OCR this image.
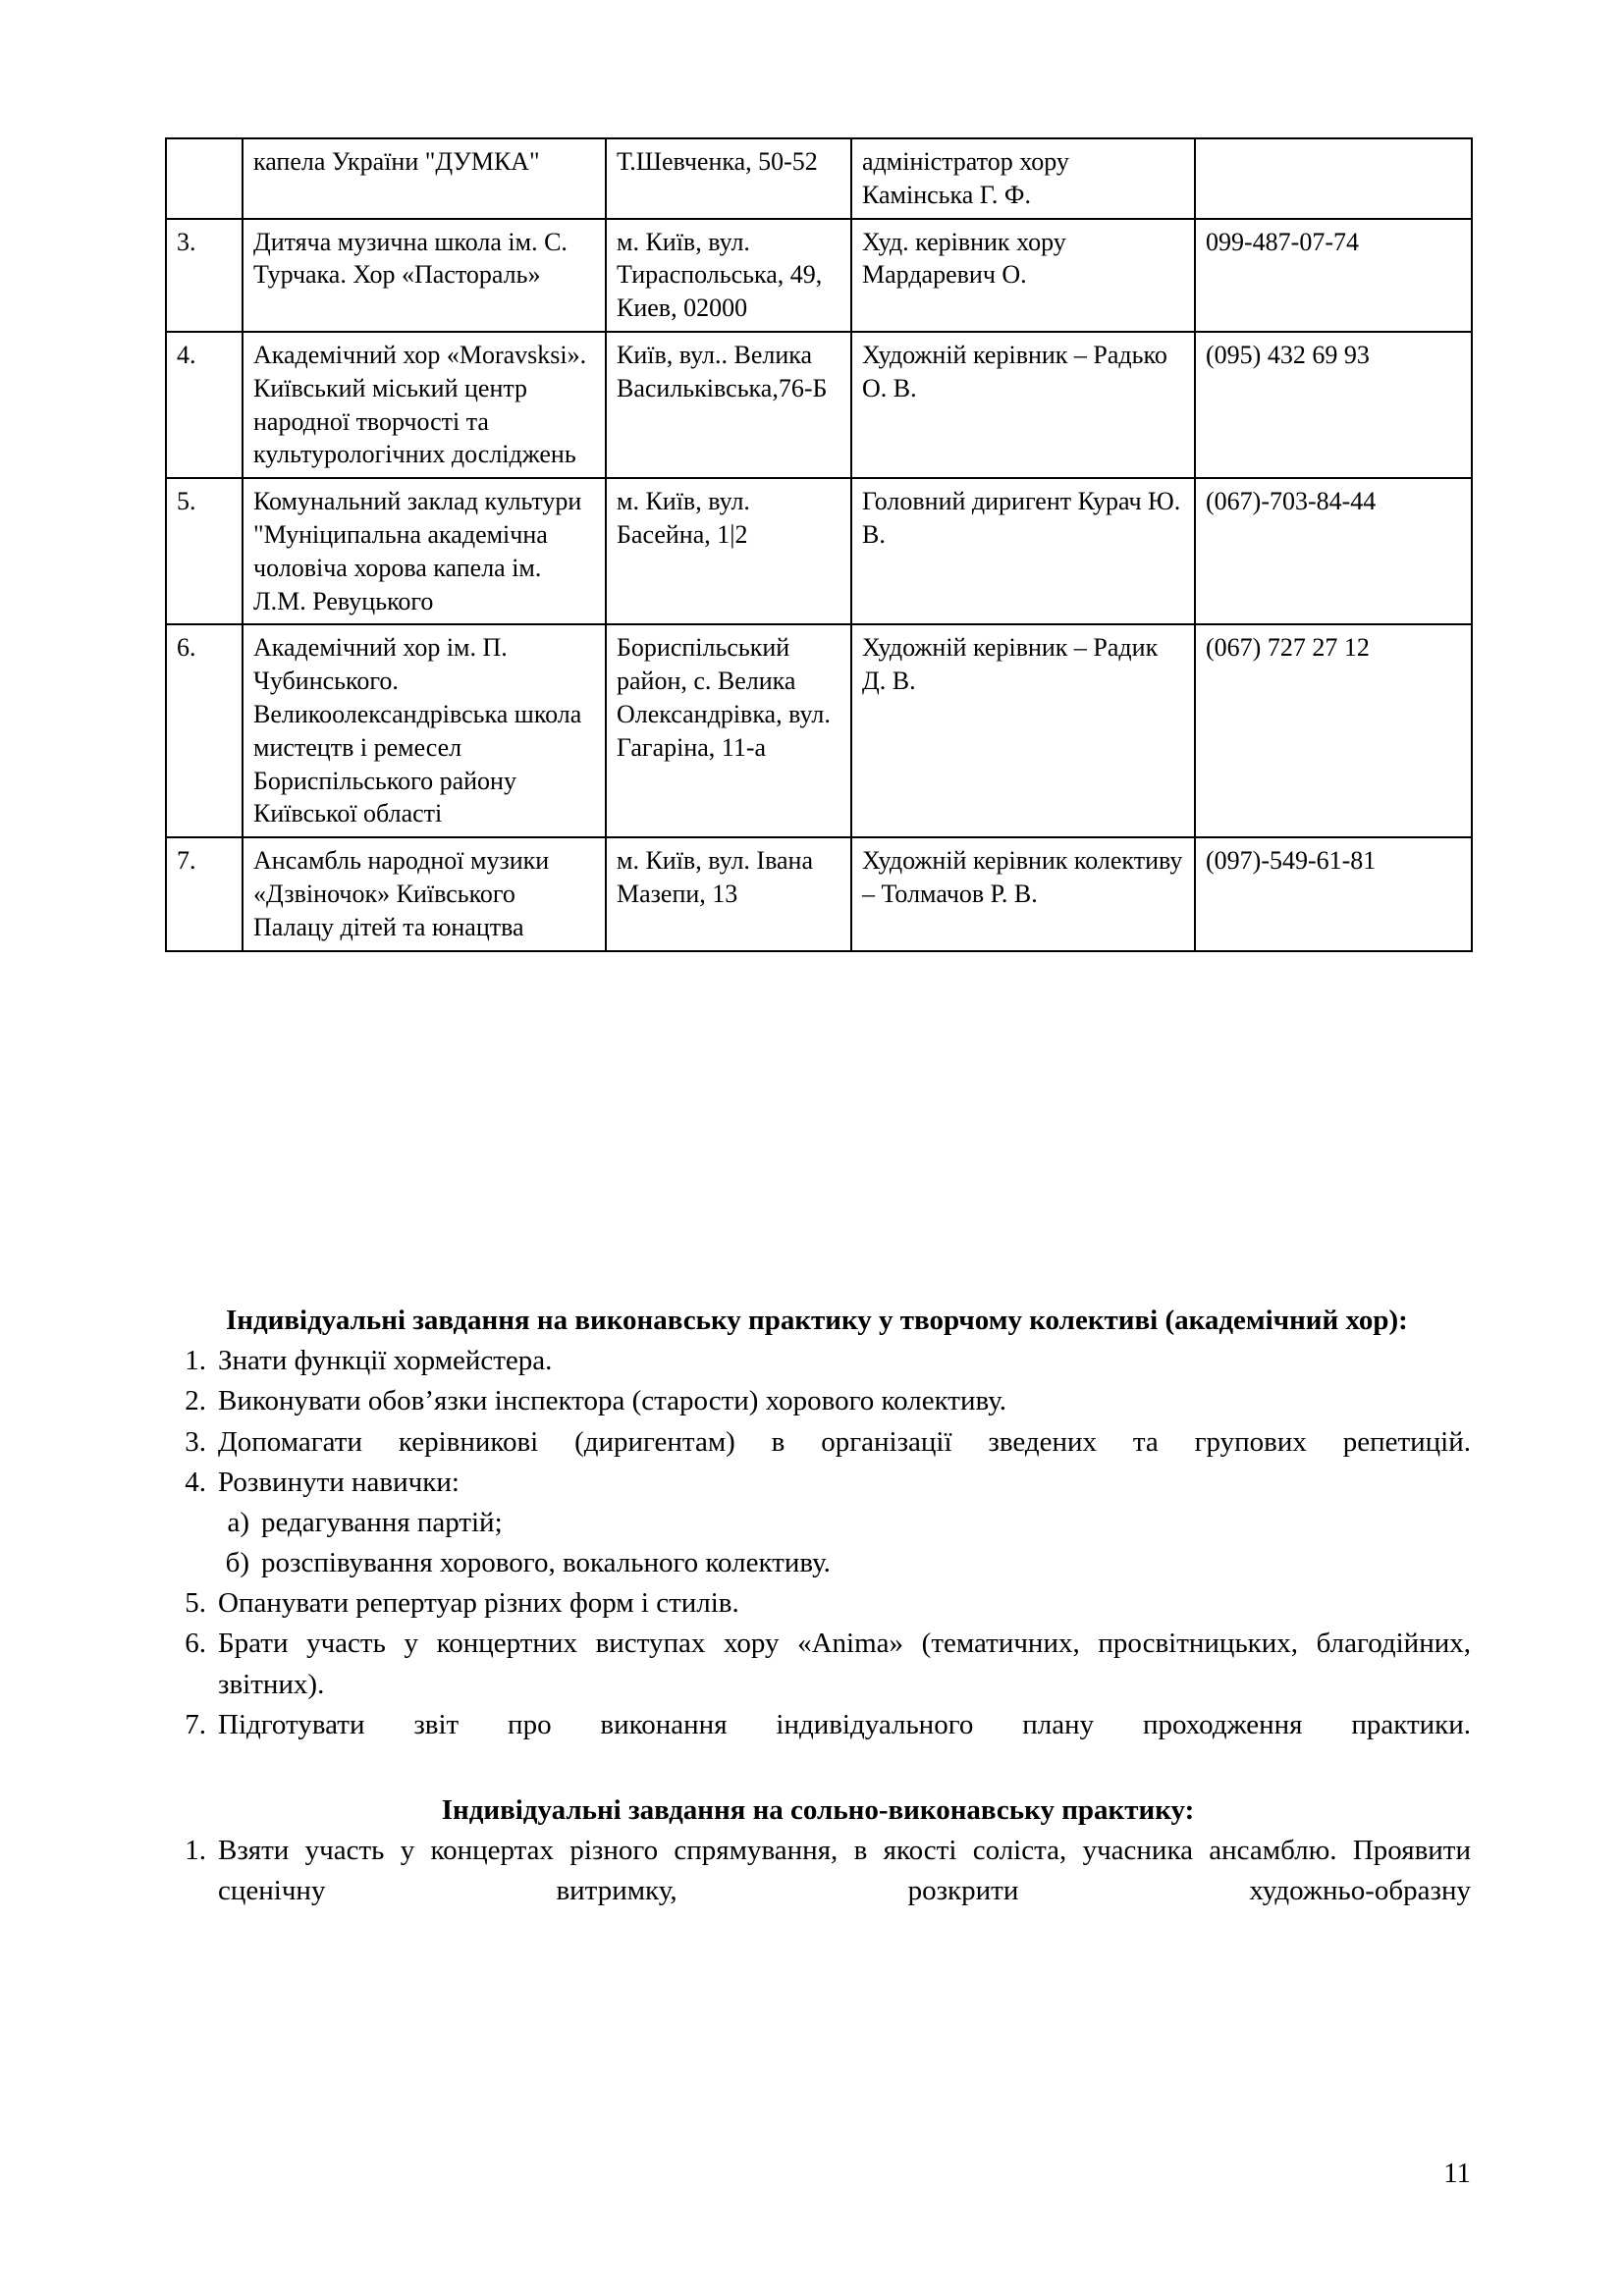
	капела України "ДУМКА"	Т.Шевченка, 50-52	адміністратор хору Камінська Г. Ф.	
3.	Дитяча музична школа ім. С. Турчака. Хор «Пастораль»	м. Київ, вул. Тираспольська, 49, Киев, 02000	Худ. керівник хору Мардаревич О.	099-487-07-74
4.	Академічний хор «Moravsksi». Київський міський центр народної творчості та культурологічних досліджень	Київ, вул.. Велика Васильківська,76-Б	Художній керівник – Радько О. В.	(095) 432 69 93
5.	Комунальний заклад культури "Муніципальна академічна чоловіча хорова капела ім. Л.М. Ревуцького	м. Київ, вул. Басейна, 1|2	Головний диригент Курач Ю. В.	(067)-703-84-44
6.	Академічний хор ім. П. Чубинського. Великоолександрівська школа мистецтв і ремесел Бориспільського району Київської області	Бориспільський район, с. Велика Олександрівка, вул. Гагаріна, 11-а	Художній керівник – Радик Д. В.	(067) 727 27 12
7.	Ансамбль народної музики «Дзвіночок» Київського Палацу дітей та юнацтва	м. Київ, вул. Івана Мазепи, 13	Художній керівник колективу – Толмачов Р. В.	(097)-549-61-81

Індивідуальні завдання на виконавську практику у творчому колективі (академічний хор):

1. Знати функції хормейстера.
2. Виконувати обов’язки інспектора (старости) хорового колективу.
3. Допомагати керівникові (диригентам) в організації зведених та групових репетицій.
4. Розвинути навички:
а) редагування партій;
б) розспівування хорового, вокального колективу.
5. Опанувати репертуар різних форм і стилів.
6. Брати участь у концертних виступах хору «Anima» (тематичних, просвітницьких, благодійних, звітних).
7. Підготувати звіт про виконання індивідуального плану проходження практики.

Індивідуальні завдання на сольно-виконавську практику:

1. Взяти участь у концертах різного спрямування, в якості соліста, учасника ансамблю. Проявити сценічну витримку, розкрити художньо-образну
11
